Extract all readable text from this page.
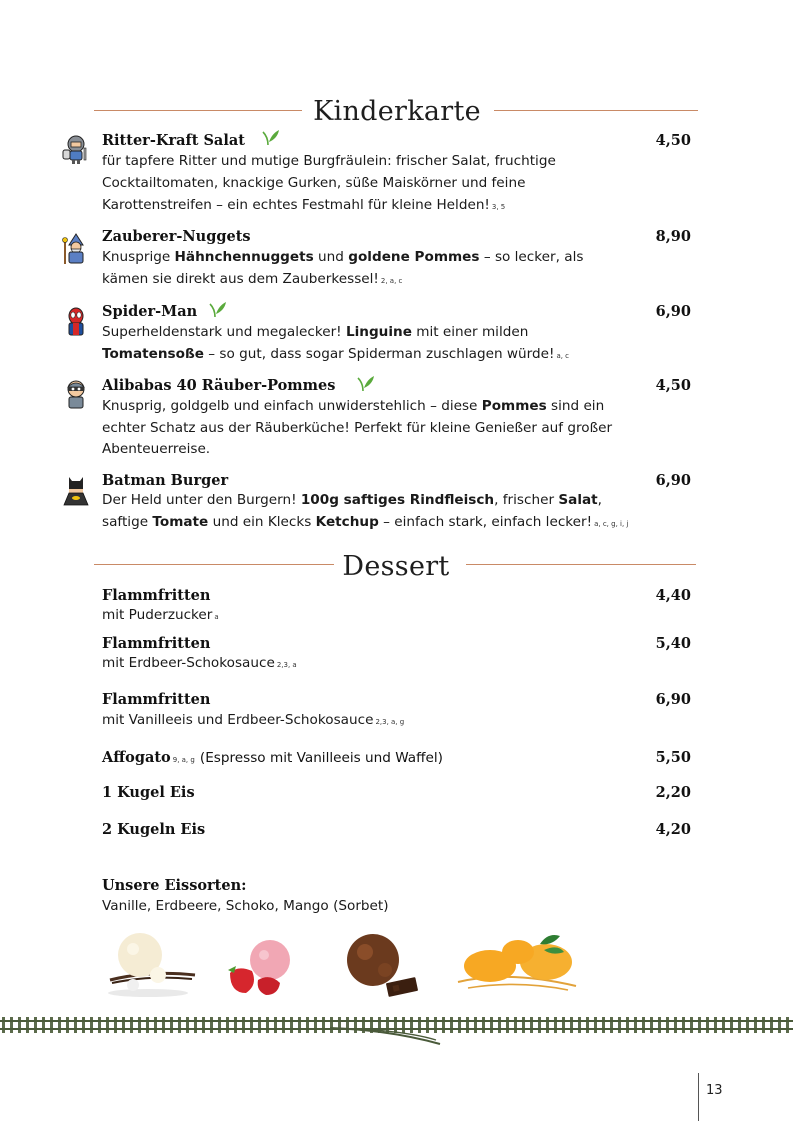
Kinderkarte
Ritter-Kraft Salat	4,50
für tapfere Ritter und mutige Burgfräulein: frischer Salat, fruchtige
Cocktailtomaten, knackige Gurken, süße Maiskörner und feine
Karottenstreifen – ein echtes Festmahl für kleine Helden! 3, 5
Zauberer-Nuggets	8,90
Knusprige Hähnchennuggets und goldene Pommes – so lecker, als
kämen sie direkt aus dem Zauberkessel! 2, a, c
Spider-Man	6,90
Superheldenstark und megalecker! Linguine mit einer milden
Tomatensoße – so gut, dass sogar Spiderman zuschlagen würde! a, c
Alibabas 40 Räuber-Pommes	4,50
Knusprig, goldgelb und einfach unwiderstehlich – diese Pommes sind ein
echter Schatz aus der Räuberküche! Perfekt für kleine Genießer auf großer
Abenteuerreise.
Batman Burger	6,90
Der Held unter den Burgern! 100g saftiges Rindfleisch, frischer Salat,
saftige Tomate und ein Klecks Ketchup – einfach stark, einfach lecker! a, c, g, i, j
Dessert
Flammfritten	4,40
mit Puderzucker a
Flammfritten	5,40
mit Erdbeer-Schokosauce 2,3, a
Flammfritten	6,90
mit Vanilleeis und Erdbeer-Schokosauce 2,3, a, g
Affogato 9, a, g (Espresso mit Vanilleeis und Waffel)	5,50
1 Kugel Eis	2,20
2 Kugeln Eis	4,20
Unsere Eissorten:
Vanille, Erdbeere, Schoko, Mango (Sorbet)
13
